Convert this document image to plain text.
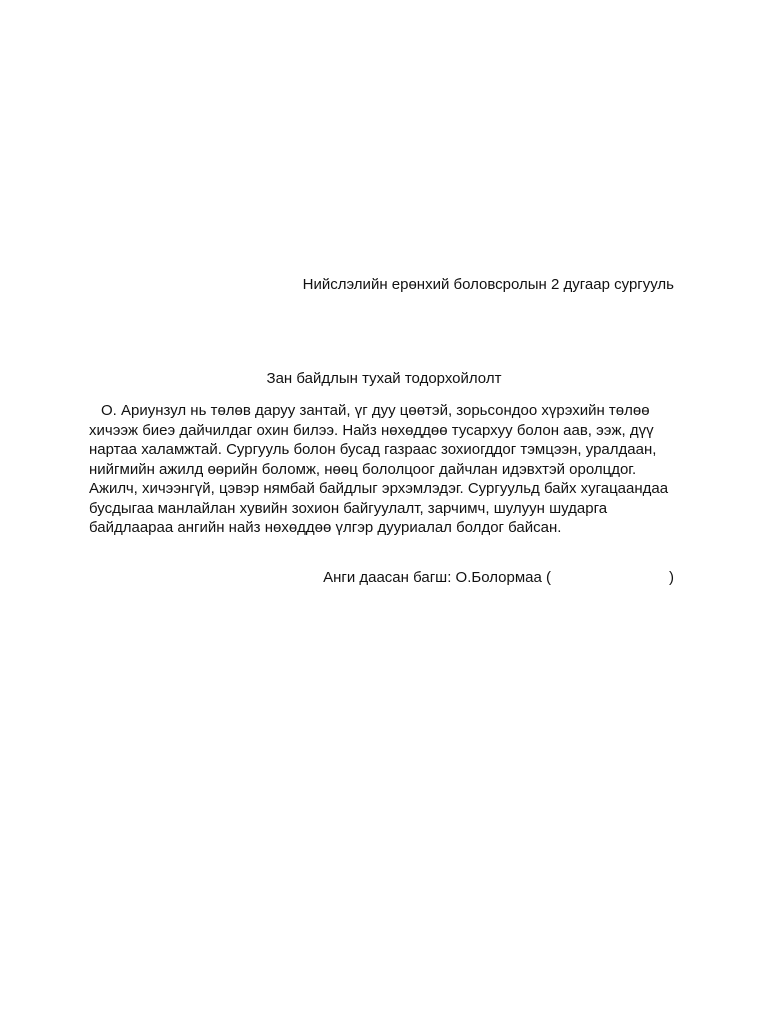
Нийслэлийн ерөнхий боловсролын 2 дугаар сургууль
Зан байдлын тухай тодорхойлолт

О. Ариунзул нь төлөв даруу зантай, үг дуу цөөтэй, зорьсондоо хүрэхийн төлөө хичээж биеэ дайчилдаг охин билээ. Найз нөхөддөө тусархуу болон аав, ээж, дүү нартаа халамжтай. Сургууль болон бусад газраас зохиогддог тэмцээн, уралдаан, нийгмийн ажилд өөрийн боломж, нөөц бололцоог дайчлан идэвхтэй оролцдог. Ажилч, хичээнгүй, цэвэр нямбай байдлыг эрхэмлэдэг. Сургуульд байх хугацаандаа бусдыгаа манлайлан хувийн зохион байгуулалт, зарчимч, шулуун шударга байдлаараа ангийн найз нөхөддөө үлгэр дууриалал болдог байсан.

Анги даасан багш: О.Болормаа (	)
